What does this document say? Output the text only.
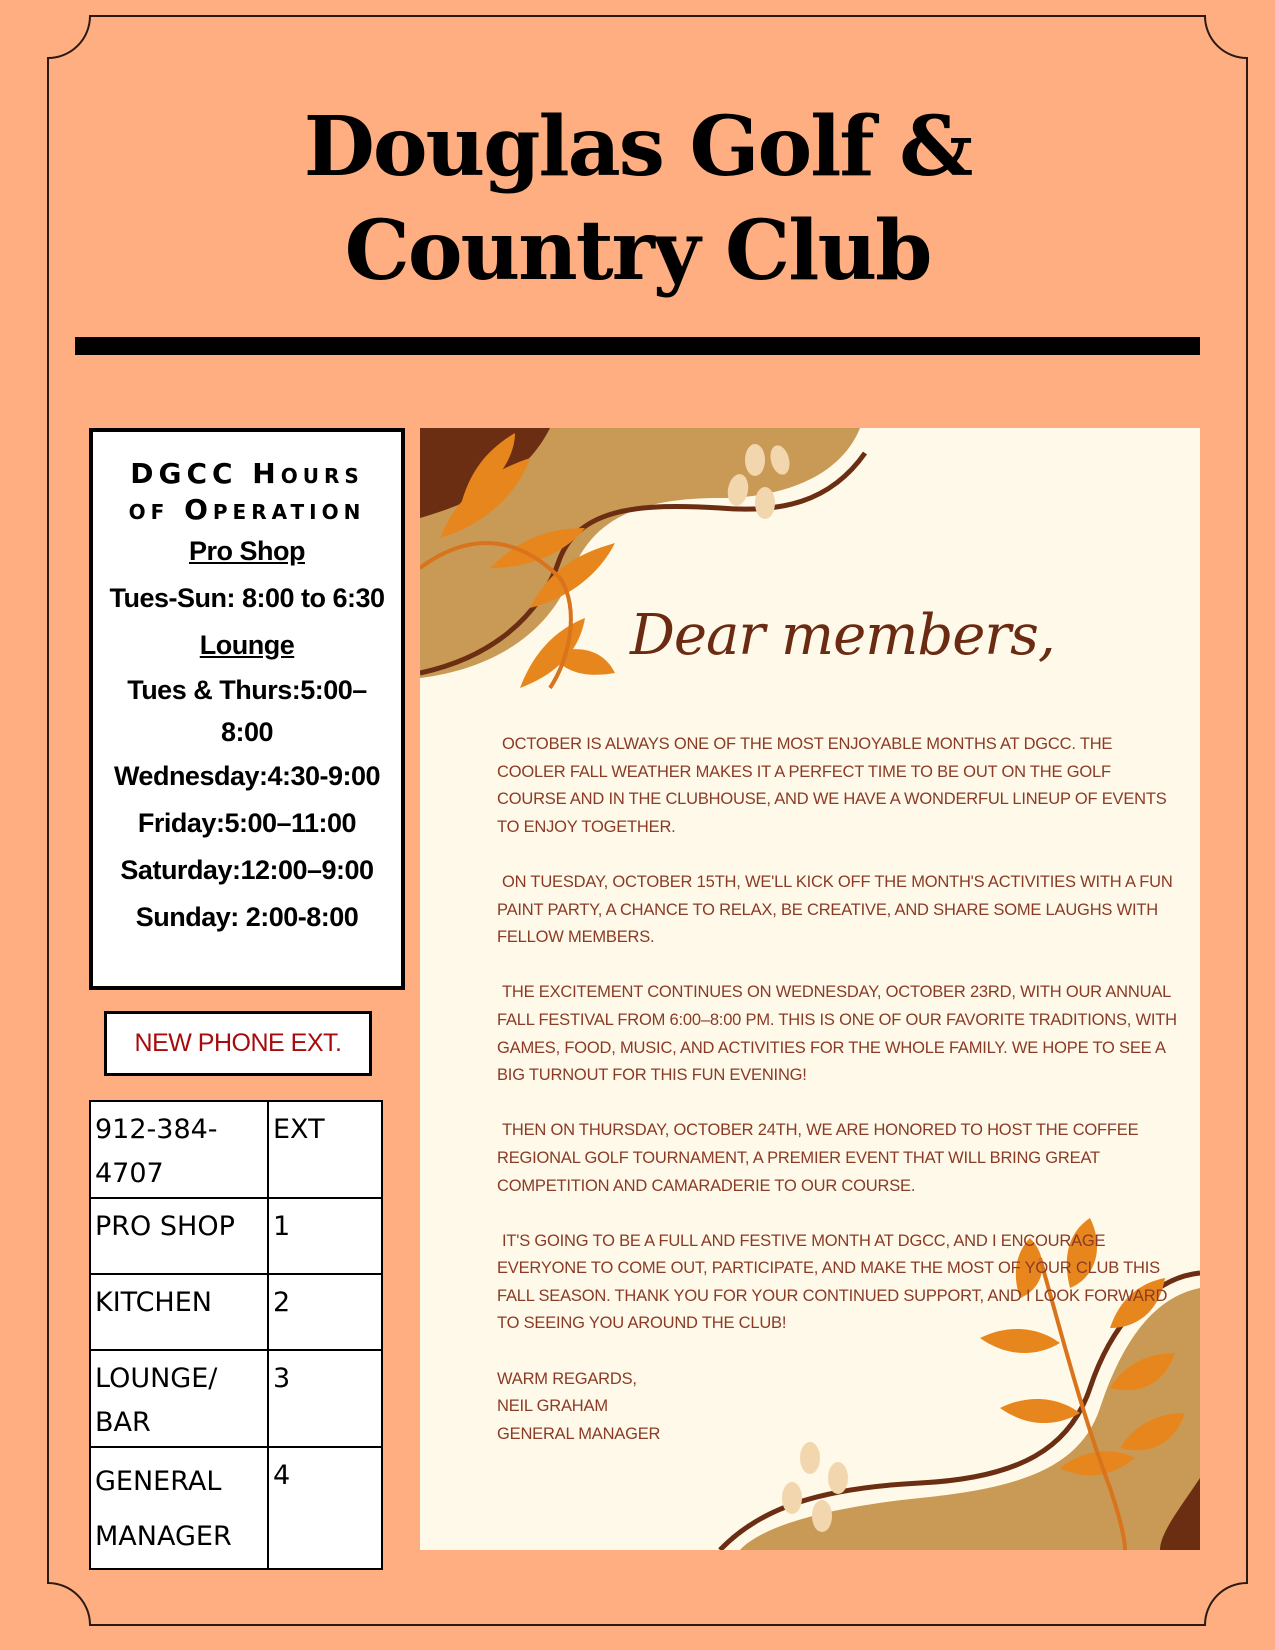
Douglas Golf &
Country Club
DGCC Hours
of Operation
Pro Shop
Tues-Sun: 8:00 to 6:30
Lounge
Tues & Thurs:5:00–8:00
Wednesday:4:30-9:00
Friday:5:00–11:00
Saturday:12:00–9:00
Sunday: 2:00-8:00
NEW PHONE EXT.
912-384-4707	EXT
PRO SHOP	1
KITCHEN	2
LOUNGE/ BAR	3
GENERAL MANAGER	4
Dear members,

OCTOBER IS ALWAYS ONE OF THE MOST ENJOYABLE MONTHS AT DGCC. THE COOLER FALL WEATHER MAKES IT A PERFECT TIME TO BE OUT ON THE GOLF COURSE AND IN THE CLUBHOUSE, AND WE HAVE A WONDERFUL LINEUP OF EVENTS TO ENJOY TOGETHER.

ON TUESDAY, OCTOBER 15TH, WE'LL KICK OFF THE MONTH'S ACTIVITIES WITH A FUN PAINT PARTY, A CHANCE TO RELAX, BE CREATIVE, AND SHARE SOME LAUGHS WITH FELLOW MEMBERS.

THE EXCITEMENT CONTINUES ON WEDNESDAY, OCTOBER 23RD, WITH OUR ANNUAL FALL FESTIVAL FROM 6:00–8:00 PM. THIS IS ONE OF OUR FAVORITE TRADITIONS, WITH GAMES, FOOD, MUSIC, AND ACTIVITIES FOR THE WHOLE FAMILY. WE HOPE TO SEE A BIG TURNOUT FOR THIS FUN EVENING!

THEN ON THURSDAY, OCTOBER 24TH, WE ARE HONORED TO HOST THE COFFEE REGIONAL GOLF TOURNAMENT, A PREMIER EVENT THAT WILL BRING GREAT COMPETITION AND CAMARADERIE TO OUR COURSE.

IT'S GOING TO BE A FULL AND FESTIVE MONTH AT DGCC, AND I ENCOURAGE EVERYONE TO COME OUT, PARTICIPATE, AND MAKE THE MOST OF YOUR CLUB THIS FALL SEASON. THANK YOU FOR YOUR CONTINUED SUPPORT, AND I LOOK FORWARD TO SEEING YOU AROUND THE CLUB!

WARM REGARDS,
NEIL GRAHAM
GENERAL MANAGER
